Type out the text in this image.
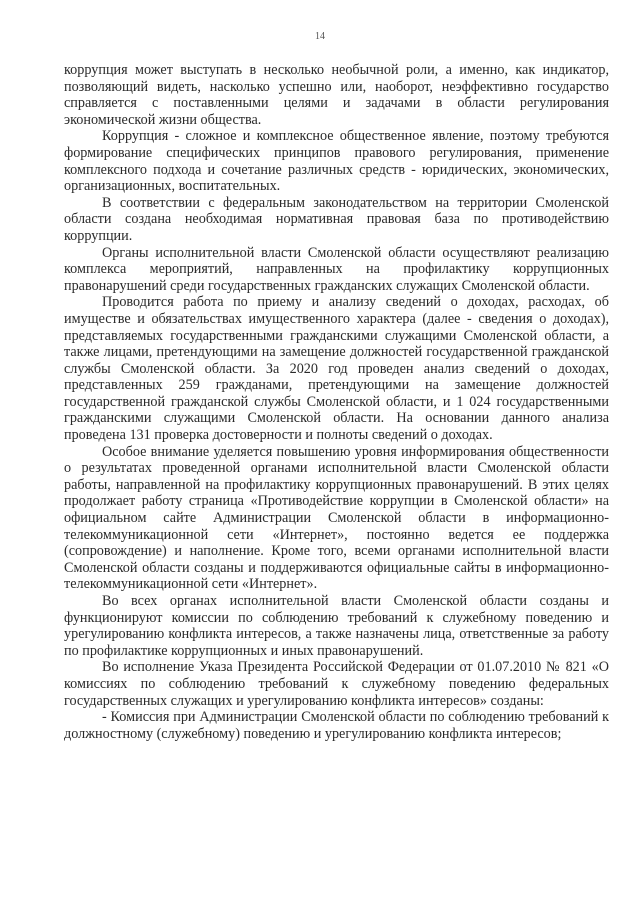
14

коррупция может выступать в несколько необычной роли, а именно, как индикатор, позволяющий видеть, насколько успешно или, наоборот, неэффективно государство справляется с поставленными целями и задачами в области регулирования экономической жизни общества.

Коррупция - сложное и комплексное общественное явление, поэтому требуются формирование специфических принципов правового регулирования, применение комплексного подхода и сочетание различных средств - юридических, экономических, организационных, воспитательных.

В соответствии с федеральным законодательством на территории Смоленской области создана необходимая нормативная правовая база по противодействию коррупции.

Органы исполнительной власти Смоленской области осуществляют реализацию комплекса мероприятий, направленных на профилактику коррупционных правонарушений среди государственных гражданских служащих Смоленской области.

Проводится работа по приему и анализу сведений о доходах, расходах, об имуществе и обязательствах имущественного характера (далее - сведения о доходах), представляемых государственными гражданскими служащими Смоленской области, а также лицами, претендующими на замещение должностей государственной гражданской службы Смоленской области. За 2020 год проведен анализ сведений о доходах, представленных 259 гражданами, претендующими на замещение должностей государственной гражданской службы Смоленской области, и 1 024 государственными гражданскими служащими Смоленской области. На основании данного анализа проведена 131 проверка достоверности и полноты сведений о доходах.

Особое внимание уделяется повышению уровня информирования общественности о результатах проведенной органами исполнительной власти Смоленской области работы, направленной на профилактику коррупционных правонарушений. В этих целях продолжает работу страница «Противодействие коррупции в Смоленской области» на официальном сайте Администрации Смоленской области в информационно-телекоммуникационной сети «Интернет», постоянно ведется ее поддержка (сопровождение) и наполнение. Кроме того, всеми органами исполнительной власти Смоленской области созданы и поддерживаются официальные сайты в информационно-телекоммуникационной сети «Интернет».

Во всех органах исполнительной власти Смоленской области созданы и функционируют комиссии по соблюдению требований к служебному поведению и урегулированию конфликта интересов, а также назначены лица, ответственные за работу по профилактике коррупционных и иных правонарушений.

Во исполнение Указа Президента Российской Федерации от 01.07.2010 № 821 «О комиссиях по соблюдению требований к служебному поведению федеральных государственных служащих и урегулированию конфликта интересов» созданы:

- Комиссия при Администрации Смоленской области по соблюдению требований к должностному (служебному) поведению и урегулированию конфликта интересов;
